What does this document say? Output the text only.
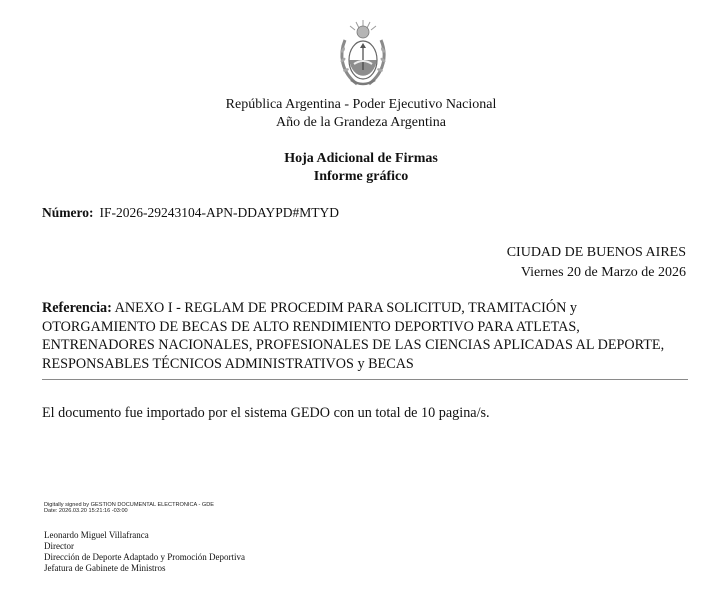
República Argentina - Poder Ejecutivo Nacional
Año de la Grandeza Argentina
Hoja Adicional de Firmas
Informe gráfico
Número: IF-2026-29243104-APN-DDAYPD#MTYD
CIUDAD DE BUENOS AIRES
Viernes 20 de Marzo de 2026
Referencia: ANEXO I - REGLAM DE PROCEDIM PARA SOLICITUD, TRAMITACIÓN y OTORGAMIENTO DE BECAS DE ALTO RENDIMIENTO DEPORTIVO PARA ATLETAS, ENTRENADORES NACIONALES, PROFESIONALES DE LAS CIENCIAS APLICADAS AL DEPORTE, RESPONSABLES TÉCNICOS ADMINISTRATIVOS y BECAS
El documento fue importado por el sistema GEDO con un total de 10 pagina/s.
Digitally signed by GESTION DOCUMENTAL ELECTRONICA - GDE
Date: 2026.03.20 15:21:16 -03:00
Leonardo Miguel Villafranca
Director
Dirección de Deporte Adaptado y Promoción Deportiva
Jefatura de Gabinete de Ministros
